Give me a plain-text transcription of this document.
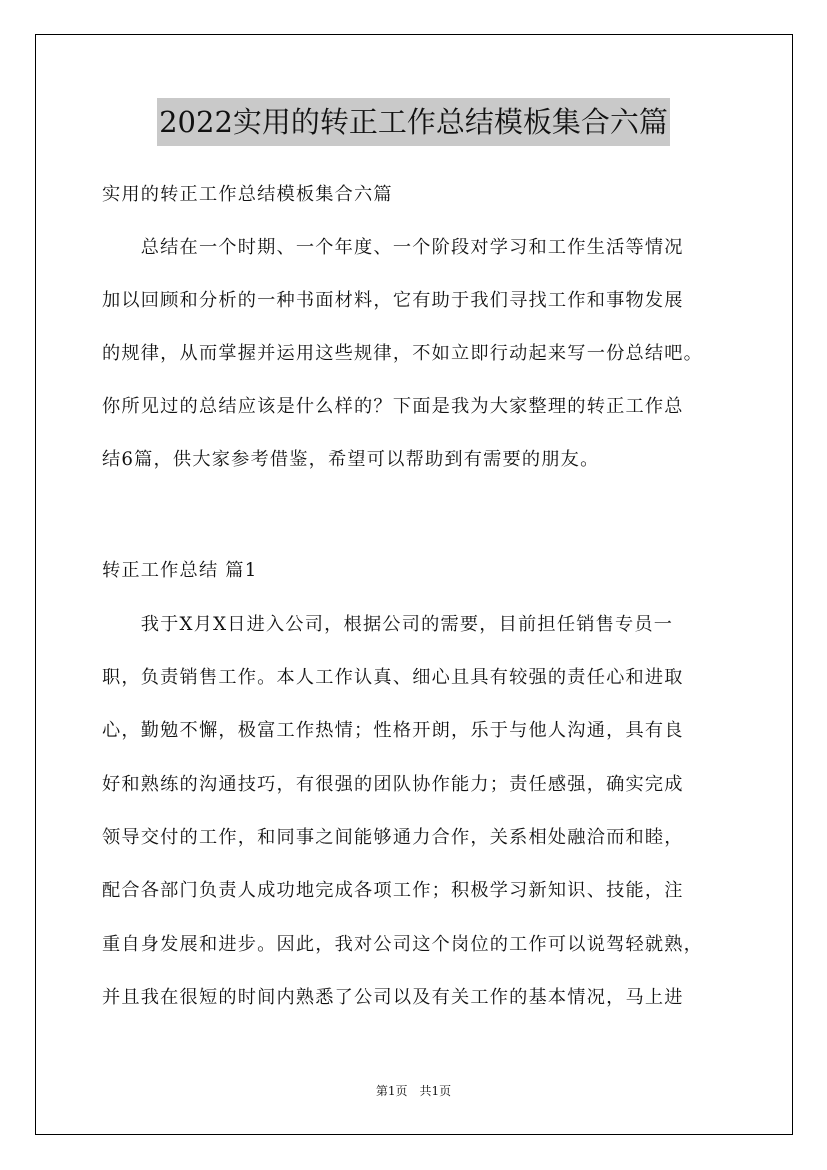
2022实用的转正工作总结模板集合六篇
实用的转正工作总结模板集合六篇
　　总结在一个时期、一个年度、一个阶段对学习和工作生活等情况
加以回顾和分析的一种书面材料，它有助于我们寻找工作和事物发展
的规律，从而掌握并运用这些规律，不如立即行动起来写一份总结吧。
你所见过的总结应该是什么样的？下面是我为大家整理的转正工作总
结6篇，供大家参考借鉴，希望可以帮助到有需要的朋友。
转正工作总结 篇1
　　我于X月X日进入公司，根据公司的需要，目前担任销售专员一
职，负责销售工作。本人工作认真、细心且具有较强的责任心和进取
心，勤勉不懈，极富工作热情；性格开朗，乐于与他人沟通，具有良
好和熟练的沟通技巧，有很强的团队协作能力；责任感强，确实完成
领导交付的工作，和同事之间能够通力合作，关系相处融洽而和睦，
配合各部门负责人成功地完成各项工作；积极学习新知识、技能，注
重自身发展和进步。因此，我对公司这个岗位的工作可以说驾轻就熟，
并且我在很短的时间内熟悉了公司以及有关工作的基本情况，马上进
第1页 共1页
